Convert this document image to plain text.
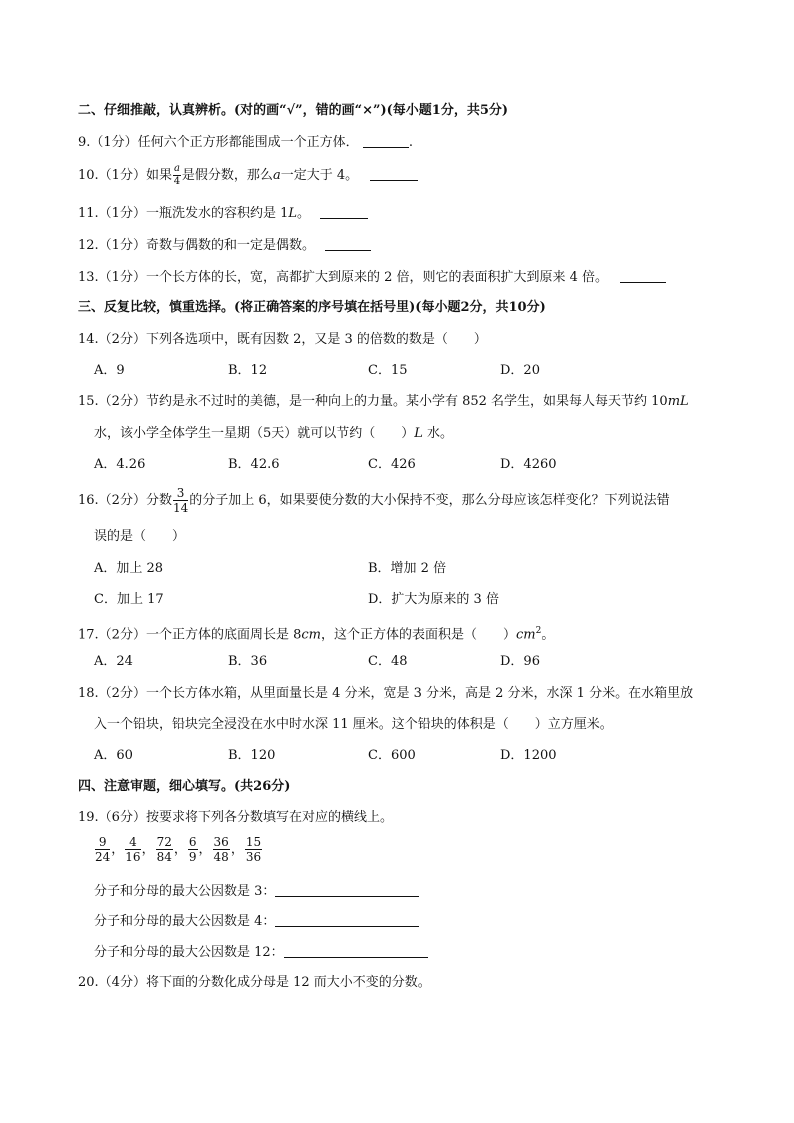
二、仔细推敲，认真辨析。(对的画“√”，错的画“×”)(每小题1分，共5分)
9.（1分）任何六个正方形都能围成一个正方体．	.
10.（1分）如果 $\frac{a}{4}$ 是假分数，那么a一定大于 4。
11.（1分）一瓶洗发水的容积约是 1L。
12.（1分）奇数与偶数的和一定是偶数。
13.（1分）一个长方体的长，宽，高都扩大到原来的 2 倍，则它的表面积扩大到原来 4 倍。
三、反复比较，慎重选择。(将正确答案的序号填在括号里)(每小题2分，共10分)
14.（2分）下列各选项中，既有因数 2，又是 3 的倍数的数是（　　）
A．9	B．12	C．15	D．20
15.（2分）节约是永不过时的美德，是一种向上的力量。某小学有 852 名学生，如果每人每天节约 10mL
水，该小学全体学生一星期（5天）就可以节约（　　）L 水。
A．4.26	B．42.6	C．426	D．4260
16.（2分）分数 $\frac{3}{14}$ 的分子加上 6，如果要使分数的大小保持不变，那么分母应该怎样变化？下列说法错
误的是（　　）
A．加上 28	B．增加 2 倍
C．加上 17	D．扩大为原来的 3 倍
17.（2分）一个正方体的底面周长是 8cm，这个正方体的表面积是（　　）$cm^2$。
A．24	B．36	C．48	D．96
18.（2分）一个长方体水箱，从里面量长是 4 分米，宽是 3 分米，高是 2 分米，水深 1 分米。在水箱里放
入一个铅块，铅块完全浸没在水中时水深 11 厘米。这个铅块的体积是（　　）立方厘米。
A．60	B．120	C．600	D．1200
四、注意审题，细心填写。(共26分)
19.（6分）按要求将下列各分数填写在对应的横线上。
$\frac{9}{24}$ ， $\frac{4}{16}$ ， $\frac{72}{84}$ ， $\frac{6}{9}$ ， $\frac{36}{48}$ ， $\frac{15}{36}$
分子和分母的最大公因数是 3：
分子和分母的最大公因数是 4：
分子和分母的最大公因数是 12：
20.（4分）将下面的分数化成分母是 12 而大小不变的分数。
